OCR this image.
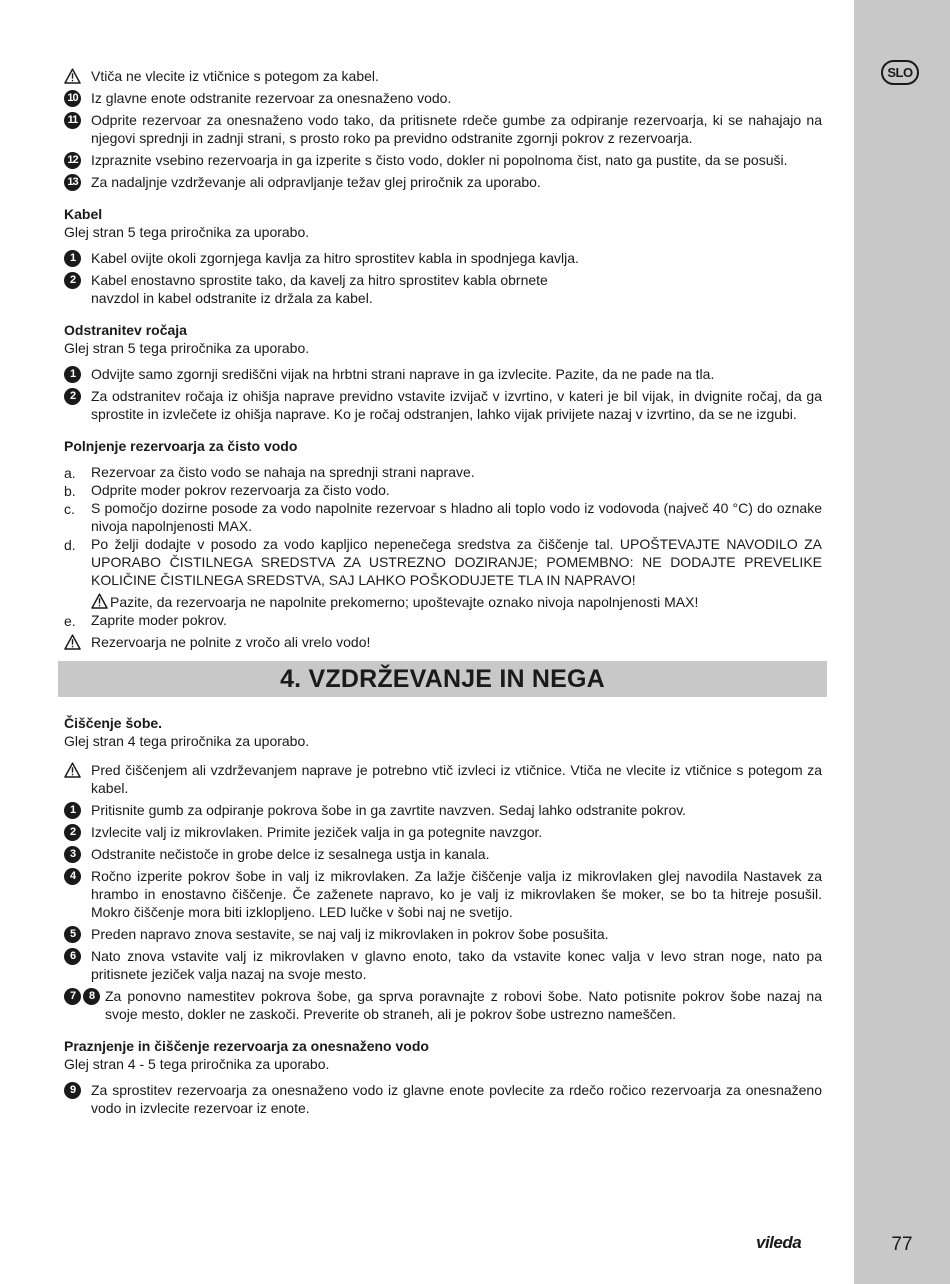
SLO
77
vileda
Vtiča ne vlecite iz vtičnice s potegom za kabel.
10 Iz glavne enote odstranite rezervoar za onesnaženo vodo.
11 Odprite rezervoar za onesnaženo vodo tako, da pritisnete rdeče gumbe za odpiranje rezervoarja, ki se nahajajo na njegovi sprednji in zadnji strani, s prosto roko pa previdno odstranite zgornji pokrov z rezervoarja.
12 Izpraznite vsebino rezervoarja in ga izperite s čisto vodo, dokler ni popolnoma čist, nato ga pustite, da se posuši.
13 Za nadaljnje vzdrževanje ali odpravljanje težav glej priročnik za uporabo.
Kabel
Glej stran 5 tega priročnika za uporabo.
1	Kabel ovijte okoli zgornjega kavlja za hitro sprostitev kabla in spodnjega kavlja.
2	Kabel enostavno sprostite tako, da kavelj za hitro sprostitev kabla obrnete
navzdol in kabel odstranite iz držala za kabel.
Odstranitev ročaja
Glej stran 5 tega priročnika za uporabo.
1	Odvijte samo zgornji središčni vijak na hrbtni strani naprave in ga izvlecite. Pazite, da ne pade na tla.
2	Za odstranitev ročaja iz ohišja naprave previdno vstavite izvijač v izvrtino, v kateri je bil vijak, in dvignite ročaj, da ga sprostite in izvlečete iz ohišja naprave. Ko je ročaj odstranjen, lahko vijak privijete nazaj v izvrtino, da se ne izgubi.
Polnjenje rezervoarja za čisto vodo
a.	Rezervoar za čisto vodo se nahaja na sprednji strani naprave.
b.	Odprite moder pokrov rezervoarja za čisto vodo.
c.	S pomočjo dozirne posode za vodo napolnite rezervoar s hladno ali toplo vodo iz vodovoda (največ 40 °C) do oznake nivoja napolnjenosti MAX.
d.	Po želji dodajte v posodo za vodo kapljico nepenečega sredstva za čiščenje tal. UPOŠTEVAJTE NAVODILO ZA UPORABO ČISTILNEGA SREDSTVA ZA USTREZNO DOZIRANJE; POMEMBNO: NE DODAJTE PREVELIKE KOLIČINE ČISTILNEGA SREDSTVA, SAJ LAHKO POŠKODUJETE TLA IN NAPRAVO!
Pazite, da rezervoarja ne napolnite prekomerno; upoštevajte oznako nivoja napolnjenosti MAX!
e.	Zaprite moder pokrov.
Rezervoarja ne polnite z vročo ali vrelo vodo!
4. VZDRŽEVANJE IN NEGA
Čiščenje šobe.
Glej stran 4 tega priročnika za uporabo.
Pred čiščenjem ali vzdrževanjem naprave je potrebno vtič izvleci iz vtičnice. Vtiča ne vlecite iz vtičnice s potegom za kabel.
1	Pritisnite gumb za odpiranje pokrova šobe in ga zavrtite navzven. Sedaj lahko odstranite pokrov.
2	Izvlecite valj iz mikrovlaken. Primite jeziček valja in ga potegnite navzgor.
3	Odstranite nečistoče in grobe delce iz sesalnega ustja in kanala.
4	Ročno izperite pokrov šobe in valj iz mikrovlaken. Za lažje čiščenje valja iz mikrovlaken glej navodila Nastavek za hrambo in enostavno čiščenje. Če zaženete napravo, ko je valj iz mikrovlaken še moker, se bo ta hitreje posušil. Mokro čiščenje mora biti izklopljeno. LED lučke v šobi naj ne svetijo.
5	Preden napravo znova sestavite, se naj valj iz mikrovlaken in pokrov šobe posušita.
6	Nato znova vstavite valj iz mikrovlaken v glavno enoto, tako da vstavite konec valja v levo stran noge, nato pa pritisnete jeziček valja nazaj na svoje mesto.
7 8 Za ponovno namestitev pokrova šobe, ga sprva poravnajte z robovi šobe. Nato potisnite pokrov šobe nazaj na svoje mesto, dokler ne zaskoči. Preverite ob straneh, ali je pokrov šobe ustrezno nameščen.
Praznjenje in čiščenje rezervoarja za onesnaženo vodo
Glej stran 4 - 5 tega priročnika za uporabo.
9	Za sprostitev rezervoarja za onesnaženo vodo iz glavne enote povlecite za rdečo ročico rezervoarja za onesnaženo vodo in izvlecite rezervoar iz enote.
